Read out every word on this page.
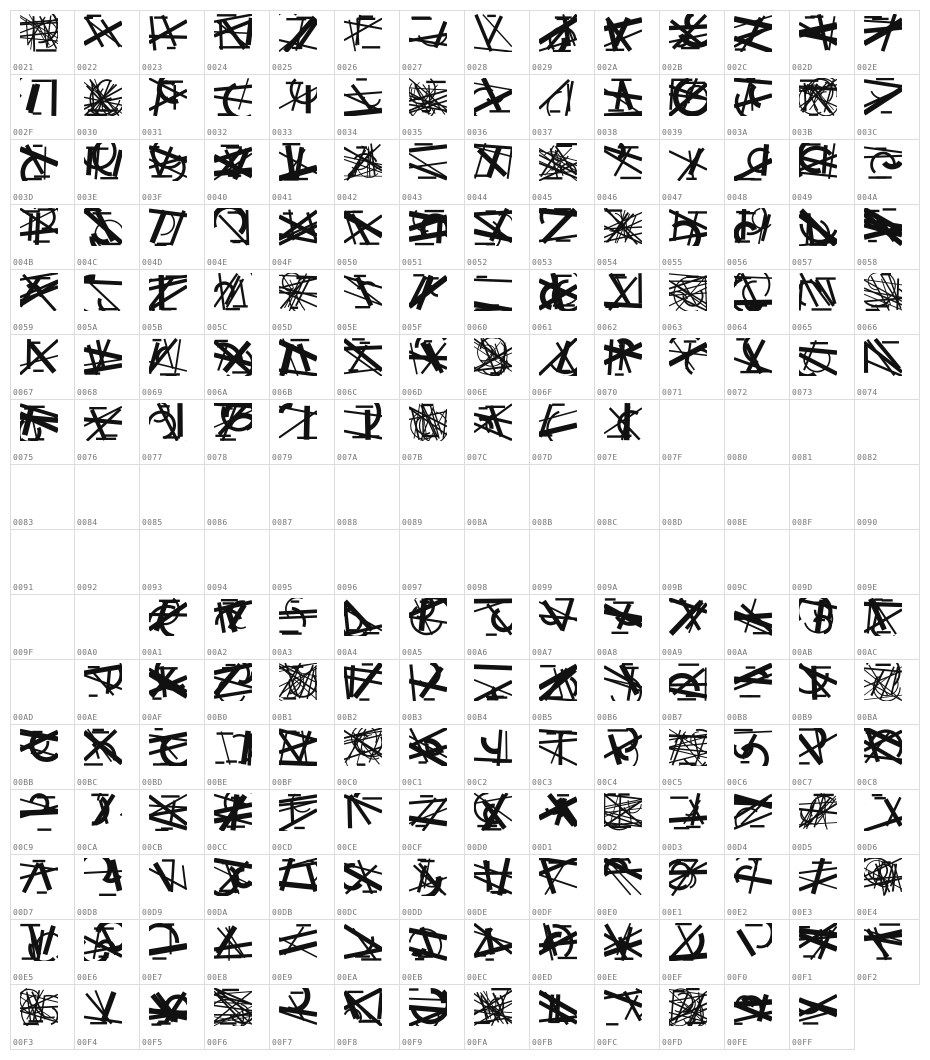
0021	0022	0023	0024	0025	0026	0027	0028	0029	002A	002B	002C	002D	002E
002F	0030	0031	0032	0033	0034	0035	0036	0037	0038	0039	003A	003B	003C
003D	003E	003F	0040	0041	0042	0043	0044	0045	0046	0047	0048	0049	004A
004B	004C	004D	004E	004F	0050	0051	0052	0053	0054	0055	0056	0057	0058
0059	005A	005B	005C	005D	005E	005F	0060	0061	0062	0063	0064	0065	0066
0067	0068	0069	006A	006B	006C	006D	006E	006F	0070	0071	0072	0073	0074
0075	0076	0077	0078	0079	007A	007B	007C	007D	007E	007F	0080	0081	0082
0083	0084	0085	0086	0087	0088	0089	008A	008B	008C	008D	008E	008F	0090
0091	0092	0093	0094	0095	0096	0097	0098	0099	009A	009B	009C	009D	009E
009F	00A0	00A1	00A2	00A3	00A4	00A5	00A6	00A7	00A8	00A9	00AA	00AB	00AC
00AD	00AE	00AF	00B0	00B1	00B2	00B3	00B4	00B5	00B6	00B7	00B8	00B9	00BA
00BB	00BC	00BD	00BE	00BF	00C0	00C1	00C2	00C3	00C4	00C5	00C6	00C7	00C8
00C9	00CA	00CB	00CC	00CD	00CE	00CF	00D0	00D1	00D2	00D3	00D4	00D5	00D6
00D7	00D8	00D9	00DA	00DB	00DC	00DD	00DE	00DF	00E0	00E1	00E2	00E3	00E4
00E5	00E6	00E7	00E8	00E9	00EA	00EB	00EC	00ED	00EE	00EF	00F0	00F1	00F2
00F3	00F4	00F5	00F6	00F7	00F8	00F9	00FA	00FB	00FC	00FD	00FE	00FF
